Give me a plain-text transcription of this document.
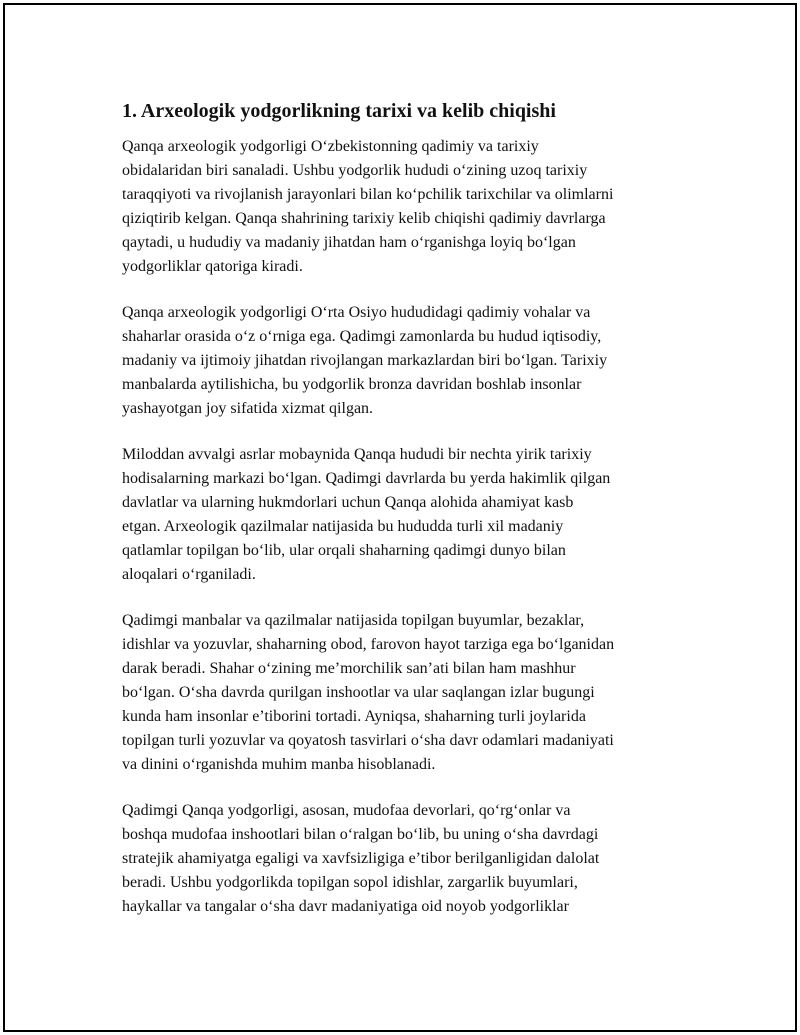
1. Arxeologik yodgorlikning tarixi va kelib chiqishi

Qanqa arxeologik yodgorligi O‘zbekistonning qadimiy va tarixiy
obidalaridan biri sanaladi. Ushbu yodgorlik hududi o‘zining uzoq tarixiy
taraqqiyoti va rivojlanish jarayonlari bilan ko‘pchilik tarixchilar va olimlarni
qiziqtirib kelgan. Qanqa shahrining tarixiy kelib chiqishi qadimiy davrlarga
qaytadi, u hududiy va madaniy jihatdan ham o‘rganishga loyiq bo‘lgan
yodgorliklar qatoriga kiradi.

Qanqa arxeologik yodgorligi O‘rta Osiyo hududidagi qadimiy vohalar va
shaharlar orasida o‘z o‘rniga ega. Qadimgi zamonlarda bu hudud iqtisodiy,
madaniy va ijtimoiy jihatdan rivojlangan markazlardan biri bo‘lgan. Tarixiy
manbalarda aytilishicha, bu yodgorlik bronza davridan boshlab insonlar
yashayotgan joy sifatida xizmat qilgan.

Miloddan avvalgi asrlar mobaynida Qanqa hududi bir nechta yirik tarixiy
hodisalarning markazi bo‘lgan. Qadimgi davrlarda bu yerda hakimlik qilgan
davlatlar va ularning hukmdorlari uchun Qanqa alohida ahamiyat kasb
etgan. Arxeologik qazilmalar natijasida bu hududda turli xil madaniy
qatlamlar topilgan bo‘lib, ular orqali shaharning qadimgi dunyo bilan
aloqalari o‘rganiladi.

Qadimgi manbalar va qazilmalar natijasida topilgan buyumlar, bezaklar,
idishlar va yozuvlar, shaharning obod, farovon hayot tarziga ega bo‘lganidan
darak beradi. Shahar o‘zining me’morchilik san’ati bilan ham mashhur
bo‘lgan. O‘sha davrda qurilgan inshootlar va ular saqlangan izlar bugungi
kunda ham insonlar e’tiborini tortadi. Ayniqsa, shaharning turli joylarida
topilgan turli yozuvlar va qoyatosh tasvirlari o‘sha davr odamlari madaniyati
va dinini o‘rganishda muhim manba hisoblanadi.

Qadimgi Qanqa yodgorligi, asosan, mudofaa devorlari, qo‘rg‘onlar va
boshqa mudofaa inshootlari bilan o‘ralgan bo‘lib, bu uning o‘sha davrdagi
stratejik ahamiyatga egaligi va xavfsizligiga e’tibor berilganligidan dalolat
beradi. Ushbu yodgorlikda topilgan sopol idishlar, zargarlik buyumlari,
haykallar va tangalar o‘sha davr madaniyatiga oid noyob yodgorliklar
